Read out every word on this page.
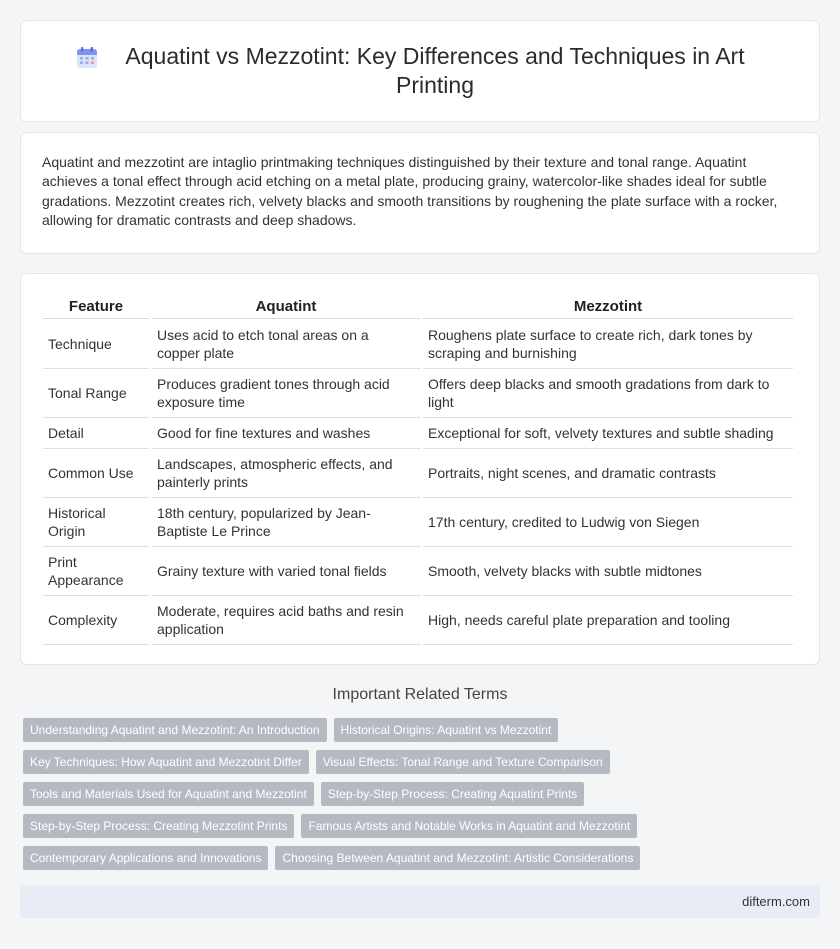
Aquatint vs Mezzotint: Key Differences and Techniques in Art Printing

Aquatint and mezzotint are intaglio printmaking techniques distinguished by their texture and tonal range. Aquatint achieves a tonal effect through acid etching on a metal plate, producing grainy, watercolor-like shades ideal for subtle gradations. Mezzotint creates rich, velvety blacks and smooth transitions by roughening the plate surface with a rocker, allowing for dramatic contrasts and deep shadows.

Feature	Aquatint	Mezzotint
Technique	Uses acid to etch tonal areas on a copper plate	Roughens plate surface to create rich, dark tones by scraping and burnishing
Tonal Range	Produces gradient tones through acid exposure time	Offers deep blacks and smooth gradations from dark to light
Detail	Good for fine textures and washes	Exceptional for soft, velvety textures and subtle shading
Common Use	Landscapes, atmospheric effects, and painterly prints	Portraits, night scenes, and dramatic contrasts
Historical Origin	18th century, popularized by Jean-Baptiste Le Prince	17th century, credited to Ludwig von Siegen
Print Appearance	Grainy texture with varied tonal fields	Smooth, velvety blacks with subtle midtones
Complexity	Moderate, requires acid baths and resin application	High, needs careful plate preparation and tooling
Important Related Terms
Understanding Aquatint and Mezzotint: An Introduction	Historical Origins: Aquatint vs Mezzotint
Key Techniques: How Aquatint and Mezzotint Differ	Visual Effects: Tonal Range and Texture Comparison
Tools and Materials Used for Aquatint and Mezzotint	Step-by-Step Process: Creating Aquatint Prints
Step-by-Step Process: Creating Mezzotint Prints	Famous Artists and Notable Works in Aquatint and Mezzotint
Contemporary Applications and Innovations	Choosing Between Aquatint and Mezzotint: Artistic Considerations
difterm.com
